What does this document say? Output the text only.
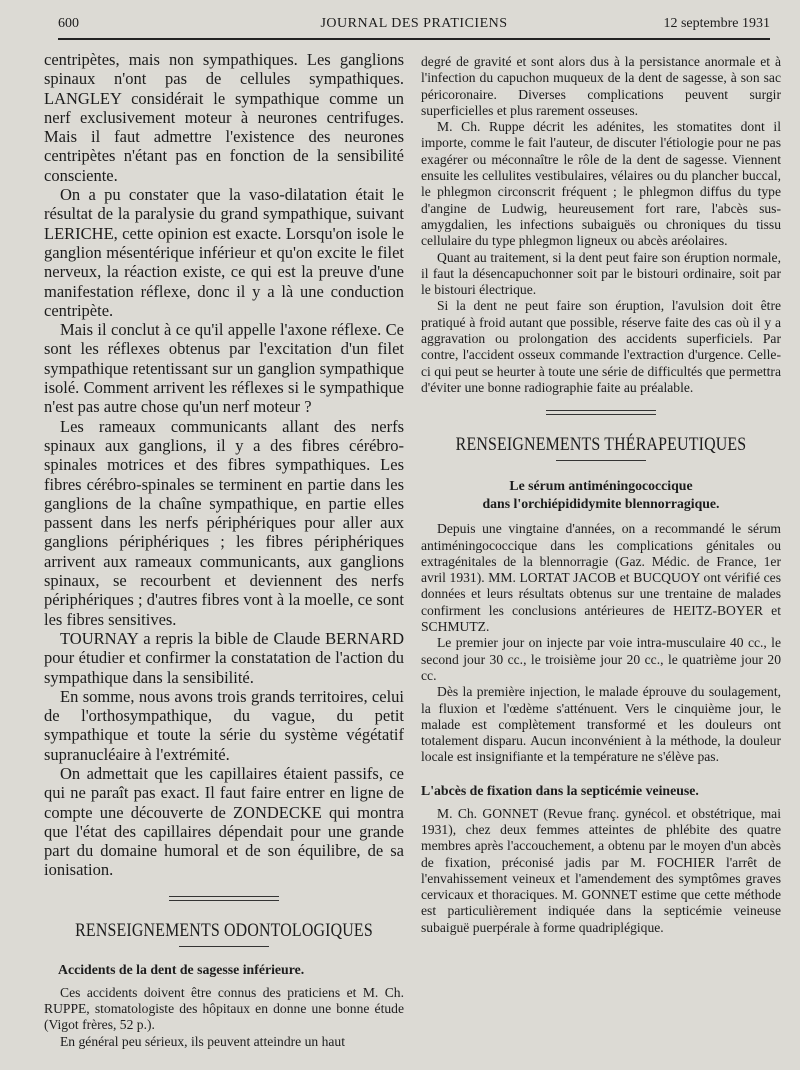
600	JOURNAL DES PRATICIENS	12 septembre 1931

centripètes, mais non sympathiques. Les ganglions spinaux n'ont pas de cellules sympathiques. LANGLEY considérait le sympathique comme un nerf exclusivement moteur à neurones centrifuges. Mais il faut admettre l'existence des neurones centripètes n'étant pas en fonction de la sensibilité consciente.

On a pu constater que la vaso-dilatation était le résultat de la paralysie du grand sympathique, suivant LERICHE, cette opinion est exacte. Lorsqu'on isole le ganglion mésentérique inférieur et qu'on excite le filet nerveux, la réaction existe, ce qui est la preuve d'une manifestation réflexe, donc il y a là une conduction centripète.

Mais il conclut à ce qu'il appelle l'axone réflexe. Ce sont les réflexes obtenus par l'excitation d'un filet sympathique retentissant sur un ganglion sympathique isolé. Comment arrivent les réflexes si le sympathique n'est pas autre chose qu'un nerf moteur ?

Les rameaux communicants allant des nerfs spinaux aux ganglions, il y a des fibres cérébro-spinales motrices et des fibres sympathiques. Les fibres cérébro-spinales se terminent en partie dans les ganglions de la chaîne sympathique, en partie elles passent dans les nerfs périphériques pour aller aux ganglions périphériques ; les fibres périphériques arrivent aux rameaux communicants, aux ganglions spinaux, se recourbent et deviennent des nerfs périphériques ; d'autres fibres vont à la moelle, ce sont les fibres sensitives.

TOURNAY a repris la bible de Claude BERNARD pour étudier et confirmer la constatation de l'action du sympathique dans la sensibilité.

En somme, nous avons trois grands territoires, celui de l'orthosympathique, du vague, du petit sympathique et toute la série du système végétatif supranucléaire à l'extrémité.

On admettait que les capillaires étaient passifs, ce qui ne paraît pas exact. Il faut faire entrer en ligne de compte une découverte de ZONDECKE qui montra que l'état des capillaires dépendait pour une grande part du domaine humoral et de son équilibre, de sa ionisation.

RENSEIGNEMENTS ODONTOLOGIQUES
Accidents de la dent de sagesse inférieure.

Ces accidents doivent être connus des praticiens et M. Ch. RUPPE, stomatologiste des hôpitaux en donne une bonne étude (Vigot frères, 52 p.).

En général peu sérieux, ils peuvent atteindre un haut

degré de gravité et sont alors dus à la persistance anormale et à l'infection du capuchon muqueux de la dent de sagesse, à son sac péricoronaire. Diverses complications peuvent surgir superficielles et plus rarement osseuses.

M. Ch. Ruppe décrit les adénites, les stomatites dont il importe, comme le fait l'auteur, de discuter l'étiologie pour ne pas exagérer ou méconnaître le rôle de la dent de sagesse. Viennent ensuite les cellulites vestibulaires, vélaires ou du plancher buccal, le phlegmon circonscrit fréquent ; le phlegmon diffus du type d'angine de Ludwig, heureusement fort rare, l'abcès sus-amygdalien, les infections subaiguës ou chroniques du tissu cellulaire du type phlegmon ligneux ou abcès aréolaires.

Quant au traitement, si la dent peut faire son éruption normale, il faut la désencapuchonner soit par le bistouri ordinaire, soit par le bistouri électrique.

Si la dent ne peut faire son éruption, l'avulsion doit être pratiqué à froid autant que possible, réserve faite des cas où il y a aggravation ou prolongation des accidents superficiels. Par contre, l'accident osseux commande l'extraction d'urgence. Celle-ci qui peut se heurter à toute une série de difficultés que permettra d'éviter une bonne radiographie faite au préalable.

RENSEIGNEMENTS THÉRAPEUTIQUES
Le sérum antiméningococcique
dans l'orchiépididymite blennorragique.

Depuis une vingtaine d'années, on a recommandé le sérum antiméningococcique dans les complications génitales ou extragénitales de la blennorragie (Gaz. Médic. de France, 1er avril 1931). MM. LORTAT JACOB et BUCQUOY ont vérifié ces données et leurs résultats obtenus sur une trentaine de malades confirment les conclusions antérieures de HEITZ-BOYER et SCHMUTZ.

Le premier jour on injecte par voie intra-musculaire 40 cc., le second jour 30 cc., le troisième jour 20 cc., le quatrième jour 20 cc.

Dès la première injection, le malade éprouve du soulagement, la fluxion et l'œdème s'atténuent. Vers le cinquième jour, le malade est complètement transformé et les douleurs ont totalement disparu. Aucun inconvénient à la méthode, la douleur locale est insignifiante et la température ne s'élève pas.

L'abcès de fixation dans la septicémie veineuse.

M. Ch. GONNET (Revue franç. gynécol. et obstétrique, mai 1931), chez deux femmes atteintes de phlébite des quatre membres après l'accouchement, a obtenu par le moyen d'un abcès de fixation, préconisé jadis par M. FOCHIER l'arrêt de l'envahissement veineux et l'amendement des symptômes graves cervicaux et thoraciques. M. GONNET estime que cette méthode est particulièrement indiquée dans la septicémie veineuse subaiguë puerpérale à forme quadriplégique.
